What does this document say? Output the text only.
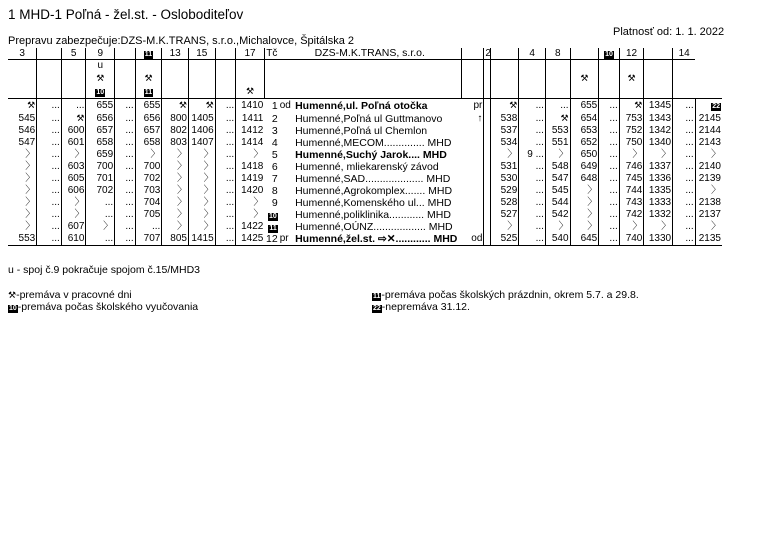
1 MHD-1 Poľná - žel.st. - Osloboditeľov
Platnosť od: 1. 1. 2022
Prepravu zabezpečuje:DZS-M.K.TRANS, s.r.o.,Michalovce, Špitálska 2
3		5	9		11	13	15		17	Tč	DZS-M.K.TRANS, s.r.o.			2		4	8		10	12		14	
			u																				
			⚒		⚒													⚒		⚒			
			10		11				⚒														
⚒	...	...	655	...	655	⚒	⚒	...	1410	1	od	Humenné,ul. Poľná otočka	pr		⚒	...	...	655	...	⚒	1345	...	22
545	...	⚒	656	...	656	800	1405	...	1411	2		Humenné,Poľná ul Guttmanovo	↑		538	...	⚒	654	...	753	1343	...	2145
546	...	600	657	...	657	802	1406	...	1412	3		Humenné,Poľná ul Chemlon			537	...	553	653	...	752	1342	...	2144
547	...	601	658	...	658	803	1407	...	1414	4		Humenné,MECOM.............. MHD			534	...	551	652	...	750	1340	...	2143
〉	...	〉	659	...	〉	〉	〉	...	〉	5		Humenné,Suchý Jarok.... MHD			〉	9 ...	〉	650	...	〉	〉	...	〉
〉	...	603	700	...	700	〉	〉	...	1418	6		Humenné, mliekarenský závod			531	...	548	649	...	746	1337	...	2140
〉	...	605	701	...	702	〉	〉	...	1419	7		Humenné,SAD.................... MHD			530	...	547	648	...	745	1336	...	2139
〉	...	606	702	...	703	〉	〉	...	1420	8		Humenné,Agrokomplex....... MHD			529	...	545	〉	...	744	1335	...	〉
〉	...	〉	...	...	704	〉	〉	...	〉	9		Humenné,Komenského ul... MHD			528	...	544	〉	...	743	1333	...	2138
〉	...	〉	...	...	705	〉	〉	...	〉	10		Humenné,poliklinika............ MHD			527	...	542	〉	...	742	1332	...	2137
〉	...	607	〉	...	...	〉	〉	...	1422	11		Humenné,OÚNZ.................. MHD			〉	...	〉	〉	...	〉	〉	...	〉
553	...	610	...	...	707	805	1415	...	1425	12	pr	Humenné,žel.st. ⇨✕............ MHD	od		525	...	540	645	...	740	1330	...	2135
u - spoj č.9 pokračuje spojom č.15/MHD3
⚒-premáva v pracovné dni
10-premáva počas školského vyučovania
11-premáva počas školských prázdnin, okrem 5.7. a 29.8.
22-nepremáva 31.12.
